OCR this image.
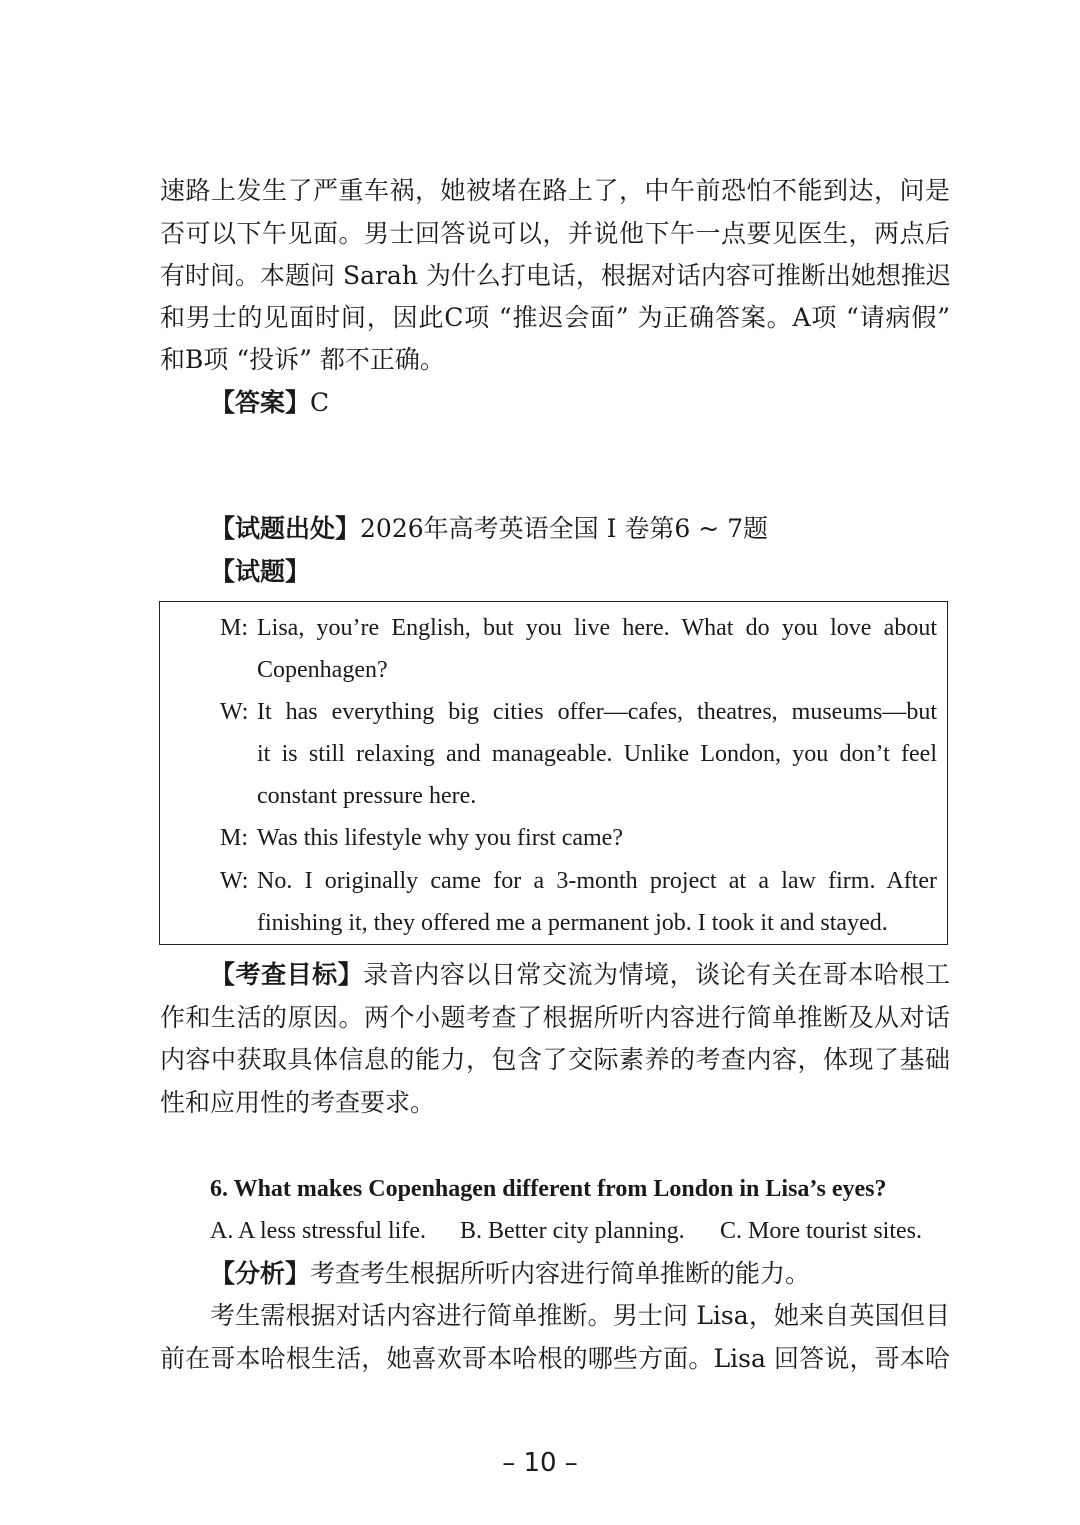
速路上发生了严重车祸，她被堵在路上了，中午前恐怕不能到达，问是
否可以下午见面。男士回答说可以，并说他下午一点要见医生，两点后
有时间。本题问 Sarah 为什么打电话，根据对话内容可推断出她想推迟
和男士的见面时间，因此C项 “推迟会面” 为正确答案。A项 “请病假”
和B项 “投诉” 都不正确。
【答案】C
【试题出处】2026年高考英语全国 I 卷第6 ~ 7题
【试题】
M: Lisa, you’re English, but you live here. What do you love about
Copenhagen?
W: It has everything big cities offer—cafes, theatres, museums—but
it is still relaxing and manageable. Unlike London, you don’t feel
constant pressure here.
M: Was this lifestyle why you first came?
W: No. I originally came for a 3-month project at a law firm. After
finishing it, they offered me a permanent job. I took it and stayed.
【考查目标】录音内容以日常交流为情境，谈论有关在哥本哈根工
作和生活的原因。两个小题考查了根据所听内容进行简单推断及从对话
内容中获取具体信息的能力，包含了交际素养的考查内容，体现了基础
性和应用性的考查要求。
6. What makes Copenhagen different from London in Lisa’s eyes?
A. A less stressful life. B. Better city planning. C. More tourist sites.
【分析】考查考生根据所听内容进行简单推断的能力。
考生需根据对话内容进行简单推断。男士问 Lisa，她来自英国但目
前在哥本哈根生活，她喜欢哥本哈根的哪些方面。Lisa 回答说，哥本哈
– 10 –
